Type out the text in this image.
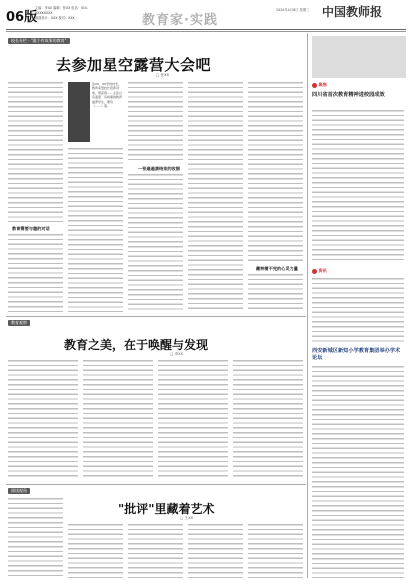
06版
主编：李XX 编辑：张XX 电话：010-XXXXXXXX
版面设计：XXX 校对：XXX	教育家·实践
2020年4月8日 星期三 中国教师报
校长专栏 · "做个有故事的教育"
去参加星空露营大会吧
□ 张XX
教育需要与趣的对话
张XX，XX学校校长，教育家型校长培养对象，曾获得……主张以有温度、有故事的教育涵养学生，著有《……》等。
一张遍遍凑结束的收据
藏种着不完的心灵力量
教育观察
教育之美，在于唤醒与发现
□ 李XX
阅读视角
"批评"里藏着艺术
□ 王XX
聚焦
四川省首次教育精神进校园成效
资讯
西安新城区新知小学教育集团举办学术论坛
